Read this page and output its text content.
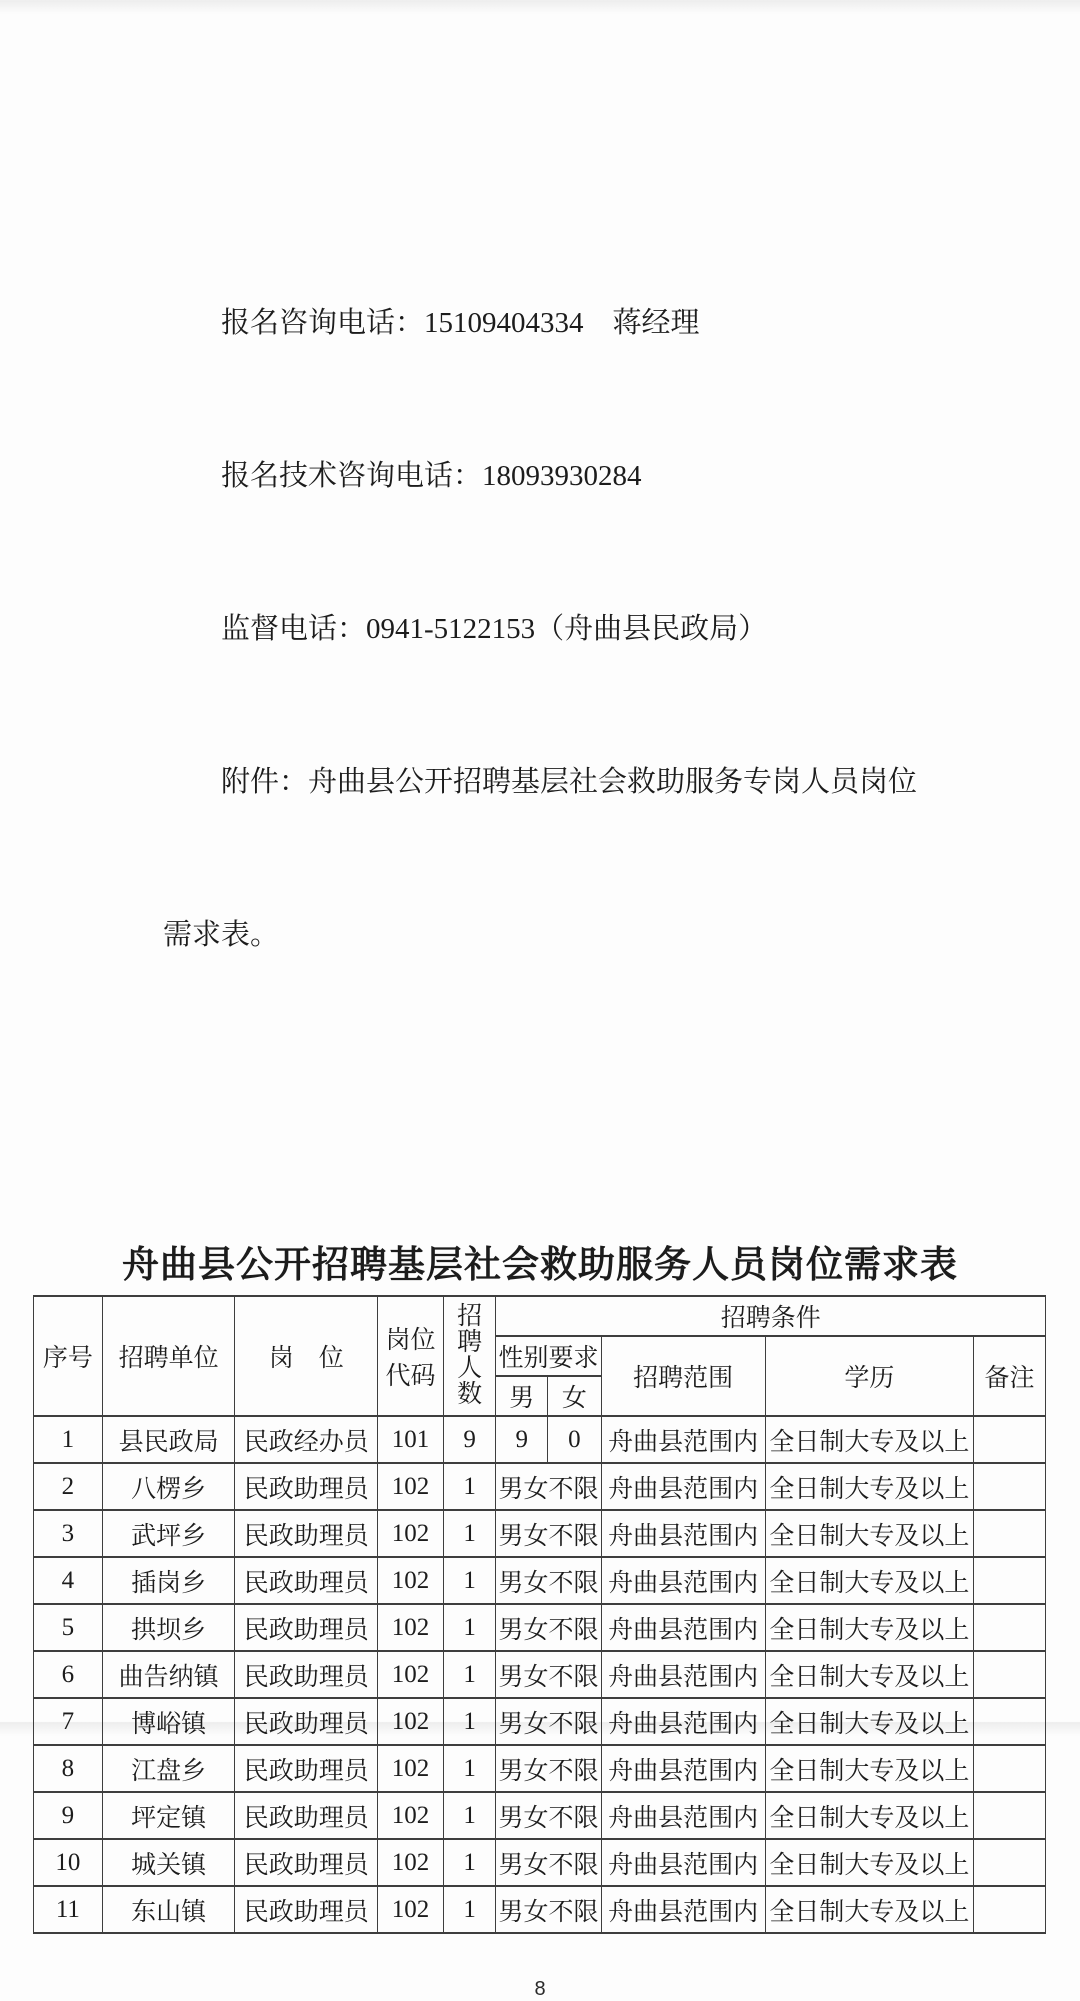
报名咨询电话：15109404334　蒋经理

报名技术咨询电话：18093930284

监督电话：0941-5122153（舟曲县民政局）

附件：舟曲县公开招聘基层社会救助服务专岗人员岗位

需求表。

舟曲县公开招聘基层社会救助服务人员岗位需求表
序号	招聘单位	岗　位	岗位代码	招聘人数	招聘条件				
					性别要求		招聘范围	学历	备注
					男	女			
1	县民政局	民政经办员	101	9	9	0	舟曲县范围内	全日制大专及以上	
2	八楞乡	民政助理员	102	1	男女不限		舟曲县范围内	全日制大专及以上	
3	武坪乡	民政助理员	102	1	男女不限		舟曲县范围内	全日制大专及以上	
4	插岗乡	民政助理员	102	1	男女不限		舟曲县范围内	全日制大专及以上	
5	拱坝乡	民政助理员	102	1	男女不限		舟曲县范围内	全日制大专及以上	
6	曲告纳镇	民政助理员	102	1	男女不限		舟曲县范围内	全日制大专及以上	
7	博峪镇	民政助理员	102	1	男女不限		舟曲县范围内	全日制大专及以上	
8	江盘乡	民政助理员	102	1	男女不限		舟曲县范围内	全日制大专及以上	
9	坪定镇	民政助理员	102	1	男女不限		舟曲县范围内	全日制大专及以上	
10	城关镇	民政助理员	102	1	男女不限		舟曲县范围内	全日制大专及以上	
11	东山镇	民政助理员	102	1	男女不限		舟曲县范围内	全日制大专及以上	
8
